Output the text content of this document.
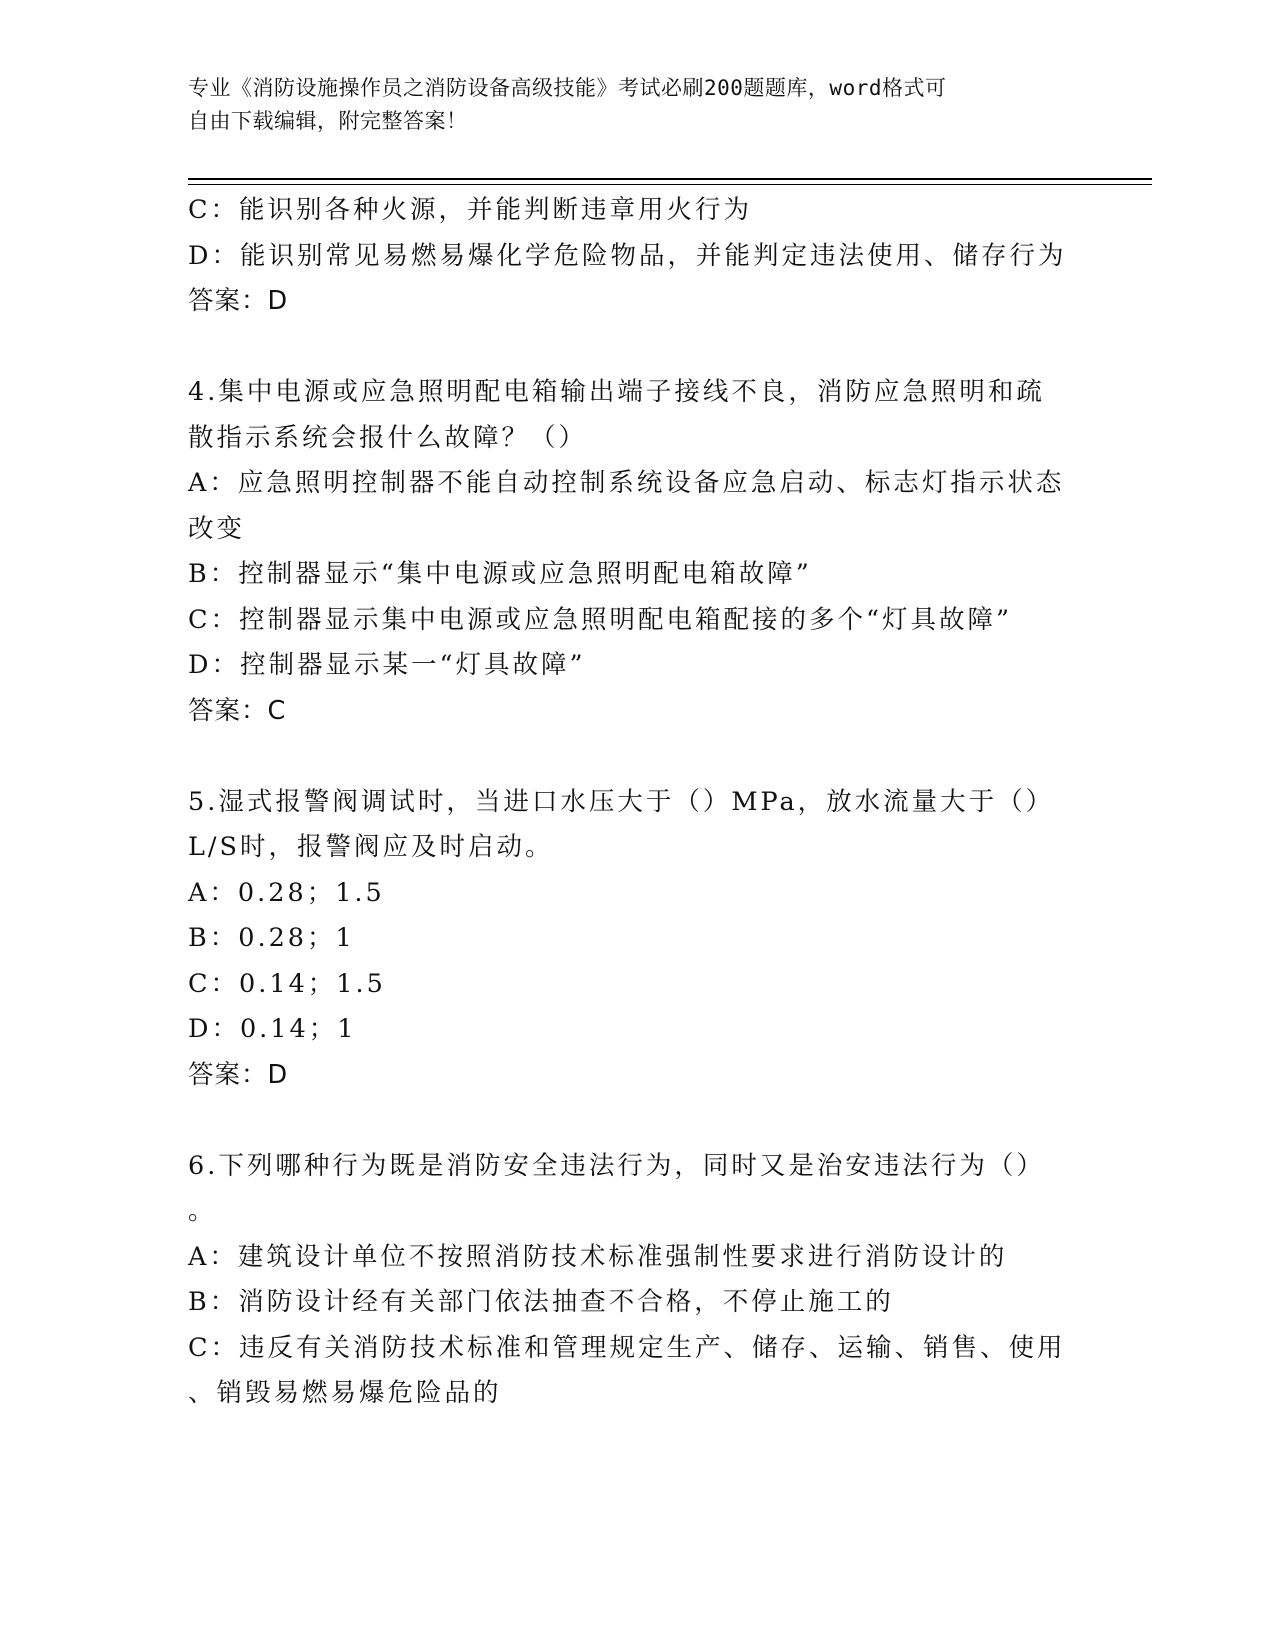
专业《消防设施操作员之消防设备高级技能》考试必刷200题题库，word格式可
自由下载编辑，附完整答案！
C：能识别各种火源，并能判断违章用火行为
D：能识别常见易燃易爆化学危险物品，并能判定违法使用、储存行为
答案：D
4.集中电源或应急照明配电箱输出端子接线不良，消防应急照明和疏
散指示系统会报什么故障？（）
A：应急照明控制器不能自动控制系统设备应急启动、标志灯指示状态
改变
B：控制器显示“集中电源或应急照明配电箱故障”
C：控制器显示集中电源或应急照明配电箱配接的多个“灯具故障”
D：控制器显示某一“灯具故障”
答案：C
5.湿式报警阀调试时，当进口水压大于（）MPa，放水流量大于（）
L/S时，报警阀应及时启动。
A：0.28；1.5
B：0.28；1
C：0.14；1.5
D：0.14；1
答案：D
6.下列哪种行为既是消防安全违法行为，同时又是治安违法行为（）
。
A：建筑设计单位不按照消防技术标准强制性要求进行消防设计的
B：消防设计经有关部门依法抽查不合格，不停止施工的
C：违反有关消防技术标准和管理规定生产、储存、运输、销售、使用
、销毁易燃易爆危险品的
